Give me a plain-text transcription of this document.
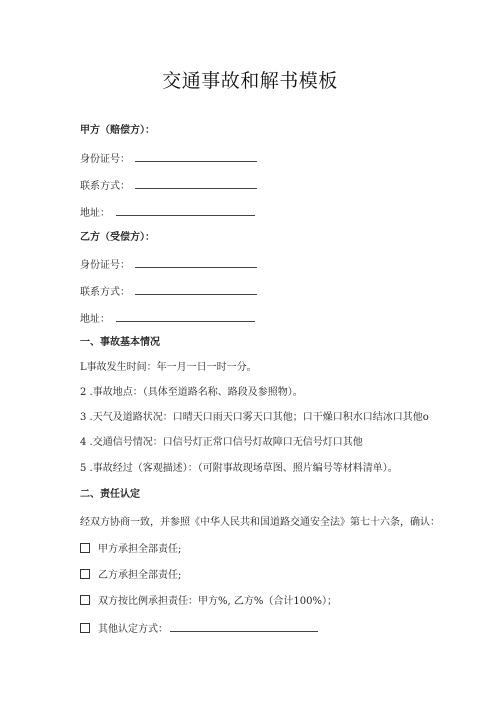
交通事故和解书模板
甲方（赔偿方）：
身份证号：
联系方式：
地址：
乙方（受偿方）：
身份证号：
联系方式：
地址：
一、事故基本情况
L事故发生时间：年一月一日一时一分。
2 .事故地点：（具体至道路名称、路段及参照物）。
3 .天气及道路状况：口晴天口雨天口雾天口其他；口干燥口积水口结冰口其他o
4 .交通信号情况：口信号灯正常口信号灯故障口无信号灯口其他
5 .事故经过（客观描述）：（可附事故现场草图、照片编号等材料清单）。
二、责任认定
经双方协商一致，并参照《中华人民共和国道路交通安全法》第七十六条，确认：
甲方承担全部责任;
乙方承担全部责任;
双方按比例承担责任：甲方%, 乙方%（合计100%）；
其他认定方式：
